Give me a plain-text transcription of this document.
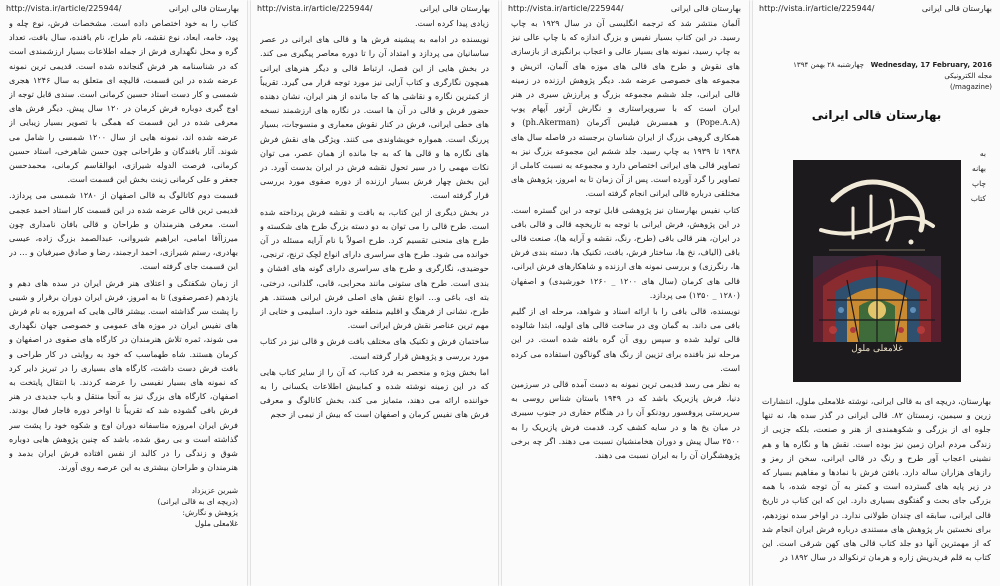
http://vista.ir/article/225944/	بهارستان قالی ایرانی

کتاب را به خود اختصاص داده است. مشخصات فرش، نوع چله و پود، خامه، ابعاد، نوع نقشه، نام طراح، نام بافنده، سال بافت، تعداد گره و محل نگهداری فرش از جمله اطلاعات بسیار ارزشمندی است که در شناسنامه هر فرش گنجانده شده است. قدیمی ترین نمونه عرضه شده در این قسمت، قالیچه ای متعلق به سال ۱۲۴۶ هجری شمسی و کار دست استاد حسین کرمانی است. سندی قابل توجه از اوج گیری دوباره فرش کرمان در ۱۲۰ سال پیش. دیگر فرش های معرفی شده در این قسمت که همگی با تصویر بسیار زیبایی از عرضه شده اند، نمونه هایی از سال ۱۲۰۰ شمسی را شامل می شوند. آثار بافندگان و طراحانی چون حسن شاهرخی، استاد حسین کرمانی، فرصت الدوله شیرازی، ابوالقاسم کرمانی، محمدحسن جعفر و علی کرمانی زینت بخش این قسمت است.

قسمت دوم کاتالوگ به قالی اصفهان از ۱۲۸۰ شمسی می پردازد. قدیمی ترین قالی عرضه شده در این قسمت کار استاد احمد عجمی است. معرفی هنرمندان و طراحان و قالی بافان نامداری چون میرزاآقا امامی، ابراهیم شیروانی، عبدالصمد بزرگ زاده، عیسی بهادری، رستم شیرازی، احمد ارجمند، رضا و صادق صیرفیان و … در این قسمت جای گرفته است.

از زمان شکفتگی و اعتلای هنر فرش ایران در سده های دهم و یازدهم (عصرصفوی) تا به امروز، فرش ایران دوران برقرار و شیبی را پشت سر گذاشته است. بیشتر قالی هایی که امروزه به نام فرش های نفیس ایران در موزه های عمومی و خصوصی جهان نگهداری می شوند، ثمره تلاش هنرمندان در کارگاه های صفوی در اصفهان و کرمان هستند. شاه طهماسب که خود به روایتی در کار طراحی و بافت فرش دست داشت، کارگاه های بسیاری را در تبریز دایر کرد که نمونه های بسیار نفیسی را عرضه کردند. با انتقال پایتخت به اصفهان، کارگاه های بزرگ نیز به آنجا منتقل و باب جدیدی در هنر فرش بافی گشوده شد که تقریباً تا اواخر دوره قاجار فعال بودند. فرش ایران امروزه متاسفانه دوران اوج و شکوه خود را پشت سر گذاشته است و بی رمق شده، باشد که چنین پژوهش هایی دوباره شوق و زندگی را در کالبد از نفس افتاده فرش ایران بدمد و هنرمندان و طراحان بیشتری به این عرصه روی آورند.

شیرین عزیزداد
(دریچه ای به قالی ایرانی)
پژوهش و نگارش:
غلامعلی ملول
http://vista.ir/article/225944/	بهارستان قالی ایرانی

زیادی پیدا کرده است.

نویسنده در ادامه به پیشینه فرش ها و قالی های ایرانی در عصر ساسانیان می پردازد و امتداد آن را تا دوره معاصر پیگیری می کند. در بخش هایی از این فصل، ارتباط قالی و دیگر هنرهای ایرانی همچون نگارگری و کتاب آرایی نیز مورد توجه قرار می گیرد. تقریباً از کمترین نگاره و نقاشی ها که جا مانده از هنر ایران، نشان دهنده حضور فرش و قالی در آن ها است. در نگاره های ارزشمند نسخه های خطی ایرانی، فرش در کنار نقوش معماری و منسوجات، بسیار پررنگ است. همواره خویشاوندی می کنند. ویژگی های نقش فرش های نگاره ها و قالی ها که به جا مانده از همان عصر، می توان نکات مهمی را در سیر تحول نقشه فرش در ایران بدست آورد. در این بخش چهار فرش بسیار ارزنده از دوره صفوی مورد بررسی قرار گرفته است.

در بخش دیگری از این کتاب، به بافت و نقشه فرش پرداخته شده است. طرح قالی را می توان به دو دسته بزرگ طرح های شکسته و طرح های منحنی تقسیم کرد. طرح اصولاً با نام آرایه مسئله در آن خوانده می شود. طرح های سراسری دارای انواع لچک ترنج، ترنجی، حوضیدی، نگارگری و طرح های سراسری دارای گونه های افشان و بندی است. طرح های ستونی مانند محرابی، قابی، گلدانی، درختی، بته ای، باغی و… انواع نقش های اصلی فرش ایرانی هستند. هر طرح، نشانی از فرهنگ و اقلیم منطقه خود دارد. اسلیمی و ختایی از مهم ترین عناصر نقش فرش ایرانی است.

ساختمان فرش و تکنیک های مختلف بافت فرش و قالی نیز در کتاب مورد بررسی و پژوهش قرار گرفته است.

اما بخش ویژه و منحصر به فرد کتاب، که آن را از سایر کتاب هایی که در این زمینه نوشته شده و کمابیش اطلاعات یکسانی را به خواننده ارائه می دهند، متمایز می کند، بخش کاتالوگ و معرفی فرش های نفیس کرمان و اصفهان است که بیش از نیمی از حجم

http://vista.ir/article/225944/	بهارستان قالی ایرانی

آلمان منتشر شد که ترجمه انگلیسی آن در سال ۱۹۲۹ به چاپ رسید. در این کتاب بسیار نفیس و بزرگ اندازه که با چاپ عالی نیز به چاپ رسید، نمونه های بسیار عالی و اعجاب برانگیزی از بازسازی های نقوش و طرح های قالی های موزه های آلمان، اتریش و مجموعه های خصوصی عرضه شد. دیگر پژوهش ارزنده در زمینه قالی ایرانی، جلد ششم مجموعه بزرگ و پرارزش سیری در هنر ایران است که با سرویراستاری و نگارش آرتور آپهام پوپ (Pope.A.A) و همسرش فیلیس آکرمان (ph.Akerman) و همکاری گروهی بزرگ از ایران شناسان برجسته در فاصله سال های ۱۹۳۸ تا ۱۹۳۹ به چاپ رسید. جلد ششم این مجموعه بزرگ نیز به تصاویر قالی های ایرانی اختصاص دارد و مجموعه به نسبت کاملی از تصاویر را گرد آورده است. پس از آن زمان تا به امروز، پژوهش های مختلفی درباره قالی ایرانی انجام گرفته است.

کتاب نفیس بهارستان نیز پژوهشی قابل توجه در این گستره است. در این پژوهش، فرش ایرانی با توجه به تاریخچه قالی و قالی بافی در ایران، هنر قالی باقی (طرح، رنگ، نقشه و آرایه ها)، صنعت قالی باقی (الیاف، نخ ها، ساختار فرش، بافت، تکنیک ها، دسته بندی فرش ها، رنگرزی) و بررسی نمونه های ارزنده و شاهکارهای فرش ایرانی، قالی های کرمان (سال های ۱۲۰۰ _ ۱۲۶۰ خورشیدی) و اصفهان (۱۲۸۰ _ ۱۳۵۰) می پردازد.

نویسنده، قالی بافی را با ارائه اسناد و شواهد، مرحله ای از گلیم بافی می داند. به گمان وی در ساخت قالی های اولیه، ابتدا شالوده قالی تولید شده و سپس روی آن گره بافته شده است. در این مرحله نیز بافنده برای تزیین از رنگ های گوناگون استفاده می کرده است.

به نظر می رسد قدیمی ترین نمونه به دست آمده قالی در سرزمین دنیا، فرش پازیریک باشد که در ۱۹۴۹ باستان شناس روسی به سرپرستی پروفسور رودنکو آن را در هنگام حفاری در جنوب سیبری در میان یخ ها و در سایه کشف کرد. قدمت فرش پازیریک را به ۲۵۰۰ سال پیش و دوران هخامنشیان نسبت می دهند. اگر چه برخی پژوهشگران آن را به ایران نسبت می دهند.

http://vista.ir/article/225944/	بهارستان قالی ایرانی
Wednesday, 17 February, 2016   چهارشنبه ۲۸ بهمن ۱۳۹۴
مجله الکترونیکی
(magazine/)
بهارستان قالی ایرانی
به
بهانه
چاپ
کتاب
غلامعلی ملول
بهارستان، دریچه ای به قالی ایرانی، نوشته غلامعلی ملول، انتشارات زرین و سیمین، زمستان ۸۲. قالی ایرانی در گذر سده ها، نه تنها جلوه ای از بزرگی و شکوهمندی از هنر و صنعت، بلکه جزیی از زندگی مردم ایران زمین نیز بوده است. نقش ها و نگاره ها و هم نشینی اعجاب آور طرح و رنگ در قالی ایرانی، سخن از رمز و رازهای هزاران ساله دارد. بافتن فرش با نمادها و مفاهیم بسیار که در زیر پایه های گسترده است و کمتر به آن توجه شده، با همه بزرگی جای بحث و گفتگوی بسیاری دارد. این که این کتاب در تاریخ قالی ایرانی، سابقه ای چندان طولانی ندارد. در اواخر سده نوزدهم، برای نخستین بار پژوهش های مستندی درباره فرش ایران انجام شد که از مهمترین آنها دو جلد کتاب قالی های کهن شرقی است. این کتاب به قلم فریدریش زاره و هرمان ترنکوالد در سال ۱۸۹۲ در
